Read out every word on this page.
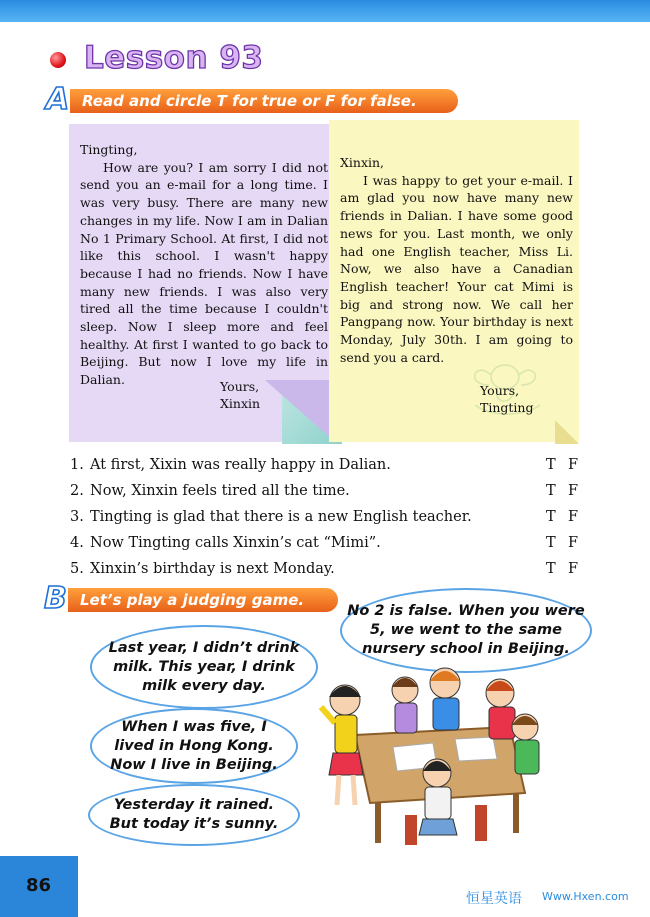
Lesson 93
A Read and circle T for true or F for false.
Tingting,
How are you? I am sorry I did not send you an e-mail for a long time. I was very busy. There are many new changes in my life. Now I am in Dalian No 1 Primary School. At first, I did not like this school. I wasn't happy because I had no friends. Now I have many new friends. I was also very tired all the time because I couldn't sleep. Now I sleep more and feel healthy. At first I wanted to go back to Beijing. But now I love my life in Dalian.	Yours,
Xinxin
Xinxin,
I was happy to get your e-mail. I am glad you now have many new friends in Dalian. I have some good news for you. Last month, we only had one English teacher, Miss Li. Now, we also have a Canadian English teacher! Your cat Mimi is big and strong now. We call her Pangpang now. Your birthday is next Monday, July 30th. I am going to send you a card.
Yours,
Tingting
1. At first, Xixin was really happy in Dalian.	T F
2. Now, Xinxin feels tired all the time.	T F
3. Tingting is glad that there is a new English teacher.	T F
4. Now Tingting calls Xinxin’s cat “Mimi”.	T F
5. Xinxin’s birthday is next Monday.	T F
B Let’s play a judging game.
No 2 is false. When you were
5, we went to the same
nursery school in Beijing.
Last year, I didn’t drink
milk. This year, I drink
milk every day.
When I was five, I
lived in Hong Kong.
Now I live in Beijing.
Yesterday it rained.
But today it’s sunny.
86
恒星英语 Www.Hxen.com
